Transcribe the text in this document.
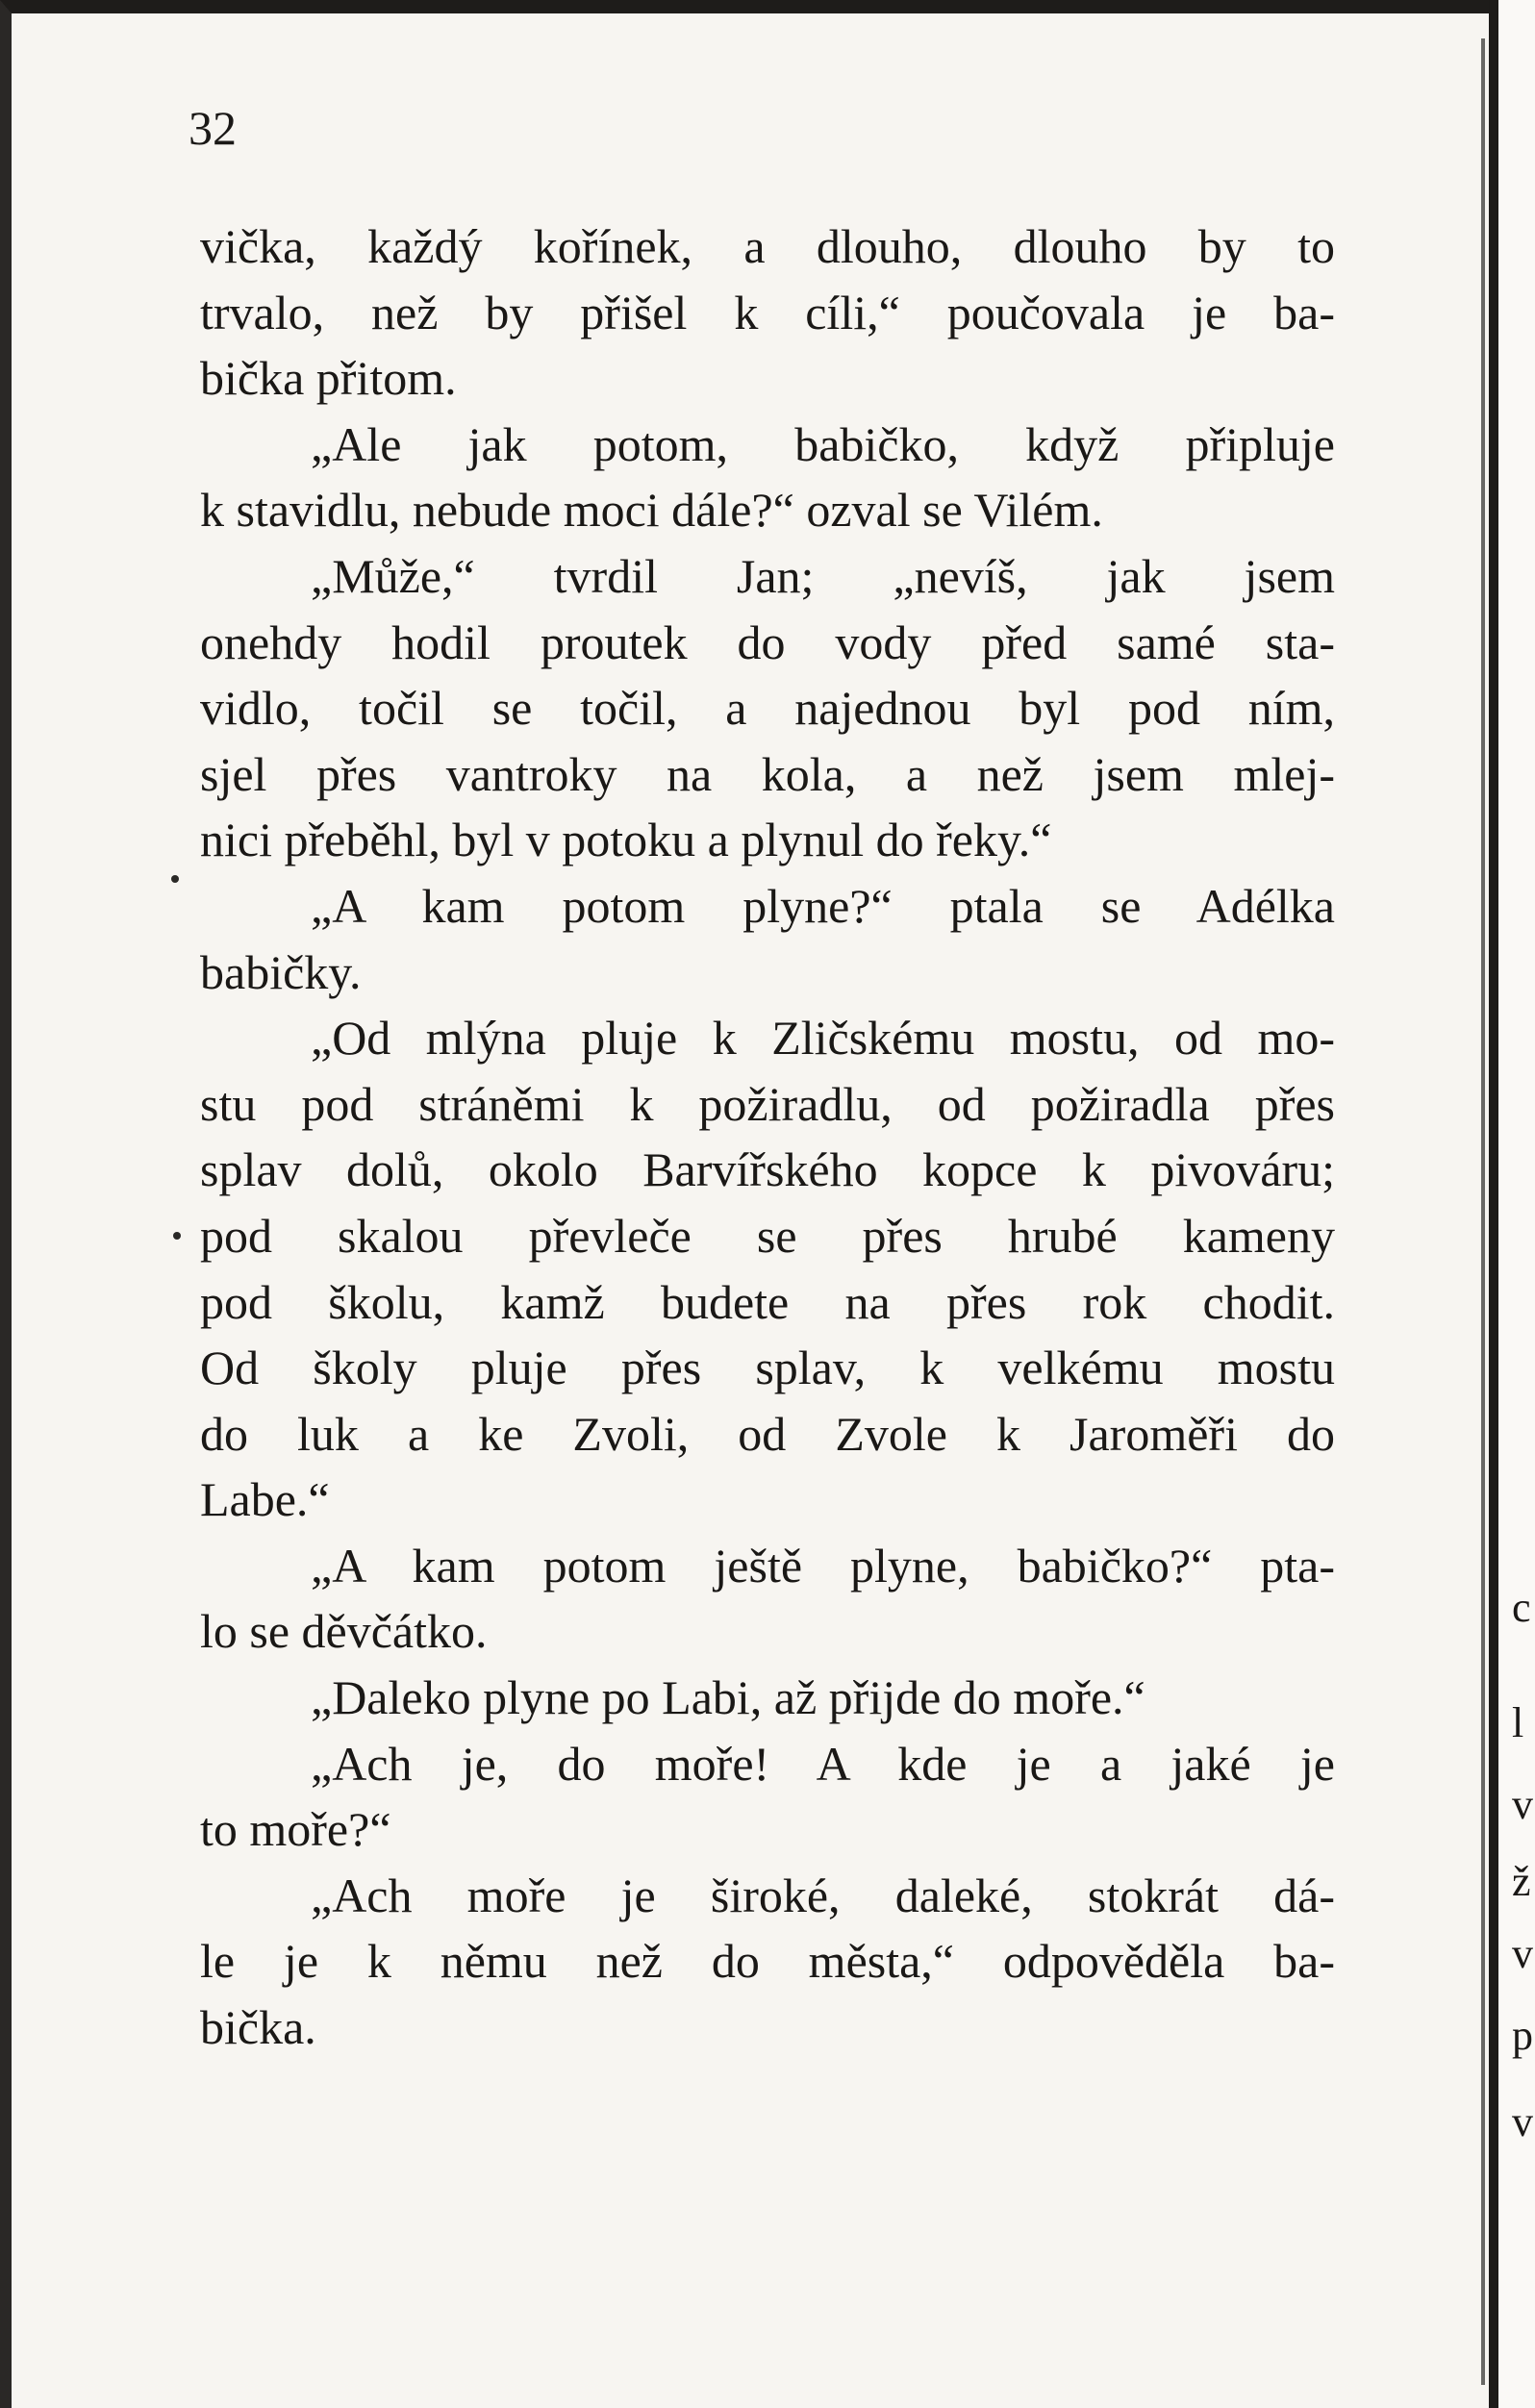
32
vička, každý kořínek, a dlouho, dlouho by to
trvalo, než by přišel k cíli,“ poučovala je ba-
bička přitom.
„Ale jak potom, babičko, když připluje
k stavidlu, nebude moci dále?“ ozval se Vilém.
„Může,“ tvrdil Jan; „nevíš, jak jsem
onehdy hodil proutek do vody před samé sta-
vidlo, točil se točil, a najednou byl pod ním,
sjel přes vantroky na kola, a než jsem mlej-
nici přeběhl, byl v potoku a plynul do řeky.“
„A kam potom plyne?“ ptala se Adélka
babičky.
„Od mlýna pluje k Zličskému mostu, od mo-
stu pod stráněmi k požiradlu, od požiradla přes
splav dolů, okolo Barvířského kopce k pivováru;
pod skalou převleče se přes hrubé kameny
pod školu, kamž budete na přes rok chodit.
Od školy pluje přes splav, k velkému mostu
do luk a ke Zvoli, od Zvole k Jaroměři do
Labe.“
„A kam potom ještě plyne, babičko?“ pta-
lo se děvčátko.
„Daleko plyne po Labi, až přijde do moře.“
„Ach je, do moře! A kde je a jaké je
to moře?“
„Ach moře je široké, daleké, stokrát dá-
le je k němu než do města,“ odpověděla ba-
bička.
c
l
v
ž
v
p
v
